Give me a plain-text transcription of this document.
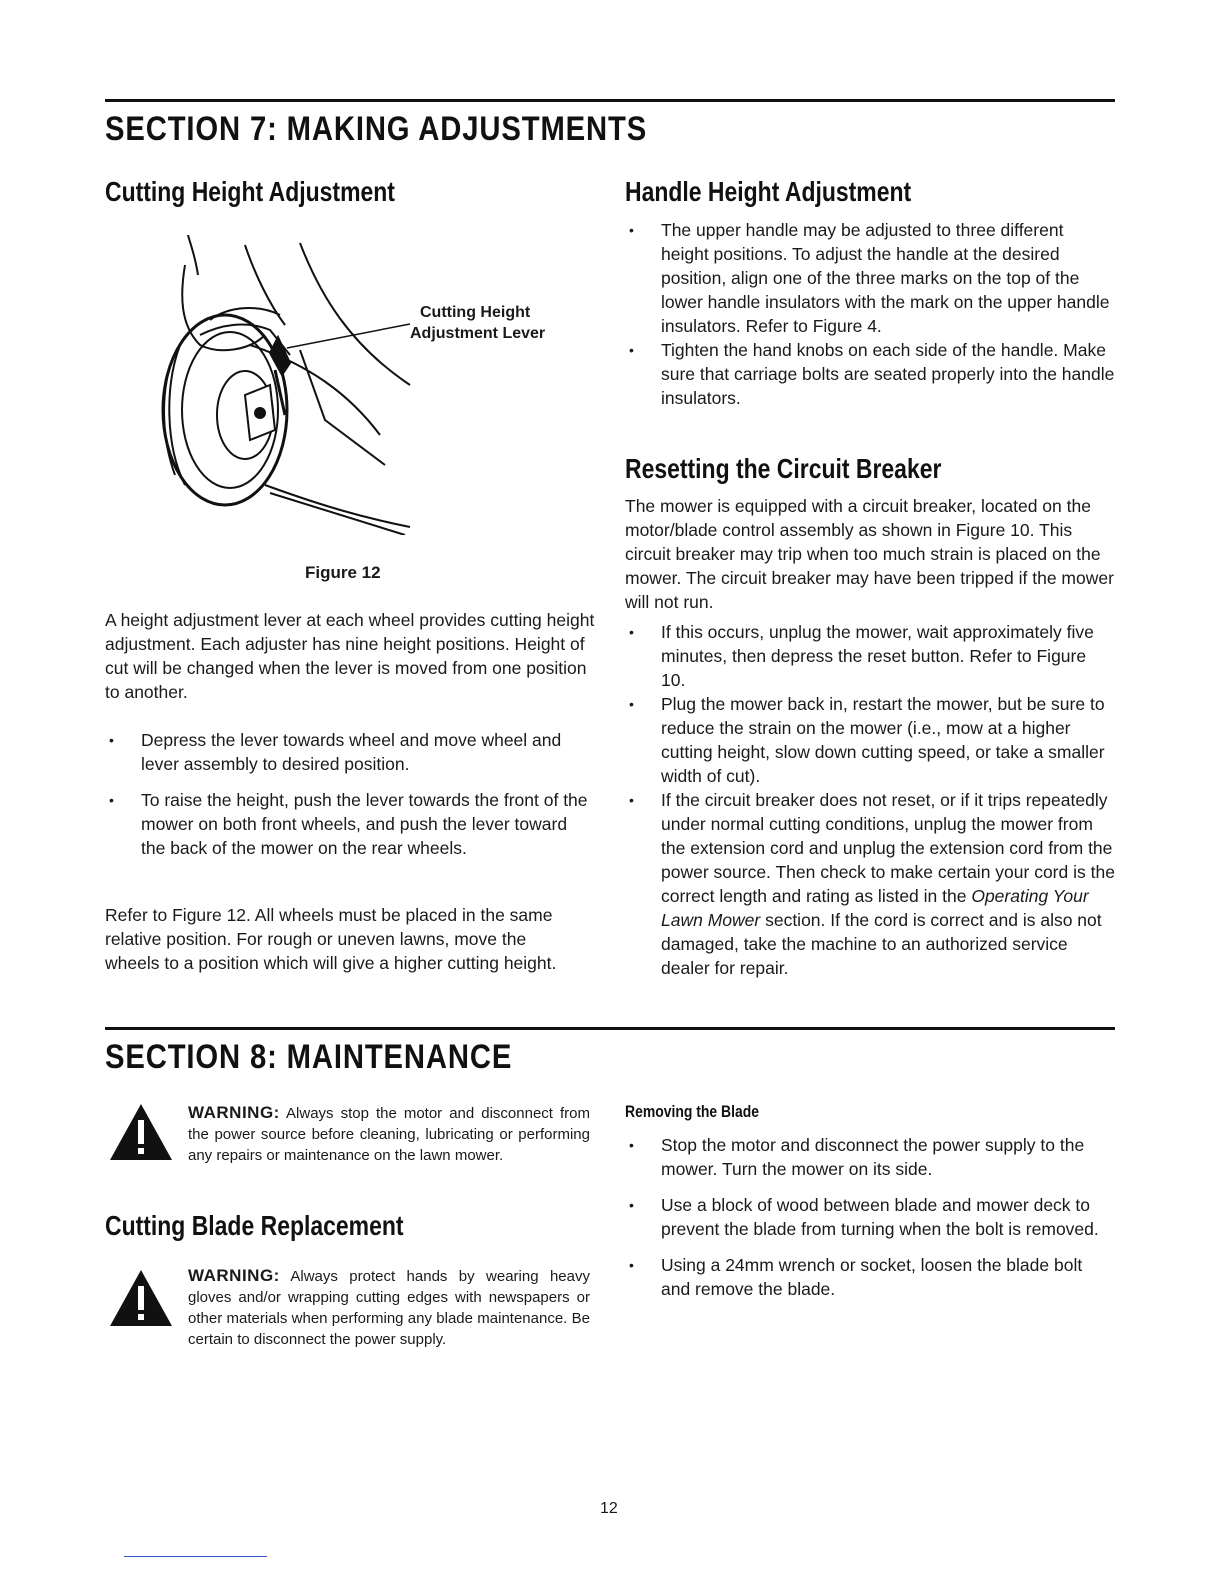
SECTION 7: MAKING ADJUSTMENTS
Cutting Height Adjustment
Cutting Height
Adjustment Lever
Figure 12

A height adjustment lever at each wheel provides cutting height adjustment. Each adjuster has nine height positions. Height of cut will be changed when the lever is moved from one position to another.

• Depress the lever towards wheel and move wheel and lever assembly to desired position.
• To raise the height, push the lever towards the front of the mower on both front wheels, and push the lever toward the back of the mower on the rear wheels.

Refer to Figure 12. All wheels must be placed in the same relative position. For rough or uneven lawns, move the wheels to a position which will give a higher cutting height.

Handle Height Adjustment
• The upper handle may be adjusted to three different height positions. To adjust the handle at the desired position, align one of the three marks on the top of the lower handle insulators with the mark on the upper handle insulators. Refer to Figure 4.
• Tighten the hand knobs on each side of the handle. Make sure that carriage bolts are seated properly into the handle insulators.
Resetting the Circuit Breaker

The mower is equipped with a circuit breaker, located on the motor/blade control assembly as shown in Figure 10. This circuit breaker may trip when too much strain is placed on the mower. The circuit breaker may have been tripped if the mower will not run.

• If this occurs, unplug the mower, wait approximately five minutes, then depress the reset button. Refer to Figure 10.
• Plug the mower back in, restart the mower, but be sure to reduce the strain on the mower (i.e., mow at a higher cutting height, slow down cutting speed, or take a smaller width of cut).
• If the circuit breaker does not reset, or if it trips repeatedly under normal cutting conditions, unplug the mower from the extension cord and unplug the extension cord from the power source. Then check to make certain your cord is the correct length and rating as listed in the Operating Your Lawn Mower section. If the cord is correct and is also not damaged, take the machine to an authorized service dealer for repair.
SECTION 8: MAINTENANCE

WARNING: Always stop the motor and disconnect from the power source before cleaning, lubricating or performing any repairs or maintenance on the lawn mower.

Cutting Blade Replacement

WARNING: Always protect hands by wearing heavy gloves and/or wrapping cutting edges with newspapers or other materials when performing any blade maintenance. Be certain to disconnect the power supply.

Removing the Blade
• Stop the motor and disconnect the power supply to the mower. Turn the mower on its side.
• Use a block of wood between blade and mower deck to prevent the blade from turning when the bolt is removed.
• Using a 24mm wrench or socket, loosen the blade bolt and remove the blade.
12
